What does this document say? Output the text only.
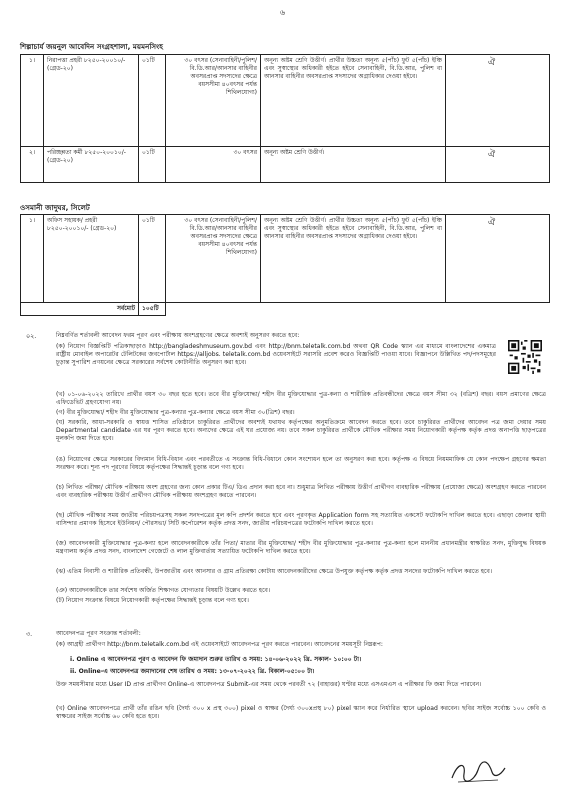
৬
শিল্পাচার্য জয়নুল আবেদিন সংগ্রহশালা, ময়মনসিংহ
১।	নিরাপত্তা প্রহরী ৮২৫০-২০০১০/- (গ্রেড-২০)	০১টি	৩০ বৎসর (সেনাবাহিনী/পুলিশ/ বি.ডি.আর/আনসার বাহিনীর অবসরপ্রাপ্ত সদস্যদের ক্ষেত্রে বয়সসীমা ৪০বৎসর পর্যন্ত শিথিলযোগ্য)	অনূন্য অষ্টম শ্রেণি উত্তীর্ণ। প্রার্থীর উচ্চতা অনূন্য ৫(পাঁচ) ফুট ৫(পাঁচ) ইঞ্চি এবং সুস্বাস্থ্যের অধিকারী হইতে হইবে সেনাবাহিনী, বি.ডি.আর, পুলিশ বা আনসার বাহিনীর অবসরপ্রাপ্ত সদস্যদের অগ্রাধিকার দেওয়া হইবে।	ঐ
২।	পরিচ্ছন্নতা কর্মী ৮২৫০-২০০১০/- (গ্রেড-২০)	০১টি	৩০ বৎসর	অনূন্য অষ্টম শ্রেণি উত্তীর্ণ।	ঐ
ওসমানী জাদুঘর, সিলেট
১।	অফিস সহায়ক/ প্রহরী ৮২৫০-২০০১০/- (গ্রেড-২০)	০১টি	৩০ বৎসর (সেনাবাহিনী/পুলিশ/ বি.ডি.আর/আনসার বাহিনীর অবসরপ্রাপ্ত সদস্যদের ক্ষেত্রে বয়সসীমা ৪০বৎসর পর্যন্ত শিথিলযোগ্য)	অনূন্য অষ্টম শ্রেণি উত্তীর্ণ। প্রার্থীর উচ্চতা অনূন্য ৫(পাঁচ) ফুট ৫(পাঁচ) ইঞ্চি এবং সুস্বাস্থ্যের অধিকারী হইতে হইবে সেনাবাহিনী, বি.ডি.আর, পুলিশ বা আনসার বাহিনীর অবসরপ্রাপ্ত সদস্যদের অগ্রাধিকার দেওয়া হইবে।	ঐ
সর্বমোট		১০৫টি			
০২.	নিম্নবর্ণিত শর্তাবলী আবেদন ফরম পূরণ এবং পরীক্ষায় অংশগ্রহণের ক্ষেত্রে অবশ্যই অনুসরণ করতে হবে:
(ক) নিয়োগ বিজ্ঞপ্তিটি পত্রিকাছাড়াও http://bangladeshmuseum.gov.bd এবং http://bnm.teletalk.com.bd অথবা QR Code স্ক্যান এর মাধ্যমে বাংলাদেশের একমাত্র রাষ্ট্রীয় মোবাইল অপারেটর টেলিটকের জবপোর্টাল https://alljobs. teletalk.com.bd ওয়েবসাইটে সরাসরি প্রবেশ করেও বিজ্ঞপ্তিটি পাওয়া যাবে। বিজ্ঞাপনে উল্লিখিত পদ/পদসমূহের চূড়ান্ত সুপারিশ প্রণয়নের ক্ষেত্রে সরকারের সর্বশেষ কোটানীতি অনুসরণ করা হবে।
(খ) ০১-০৬-২০২২ তারিখে প্রার্থীর বয়স ৩০ বছর হতে হবে। তবে বীর মুক্তিযোদ্ধা/ শহীদ বীর মুক্তিযোদ্ধার পুত্র-কন্যা ও শারীরিক প্রতিবন্ধীদের ক্ষেত্রে বয়স সীমা ৩২ (বত্রিশ) বছর। বয়স প্রমাণের ক্ষেত্রে এফিডেভিট গ্রহণযোগ্য নয়।
(গ) বীর মুক্তিযোদ্ধা/ শহীদ বীর মুক্তিযোদ্ধার পুত্র-কন্যার পুত্র-কন্যার ক্ষেত্রে বয়স সীমা ৩০(ত্রিশ) বছর।
(ঘ) সরকারি, আধা-সরকারি ও স্বায়ত্ত শাসিত প্রতিষ্ঠানে চাকুরিরত প্রার্থীদের অবশ্যই যথাযথ কর্তৃপক্ষের অনুমতিক্রমে আবেদন করতে হবে। তবে চাকুরিরত প্রার্থীদের আবেদন পত্র জমা দেয়ার সময় Departmental candidate এর ঘর পূরণ করতে হবে। অন্যদের ক্ষেত্রে এই ঘর প্রযোজ্য নয়। তবে সকল চাকুরিরত প্রার্থীকে মৌখিক পরীক্ষার সময় নিয়োগকারী কর্তৃপক্ষ কর্তৃক প্রদত্ত অনাপত্তি ছাড়পত্রের মূলকপি জমা দিতে হবে।
(ঙ) নিয়োগের ক্ষেত্রে সরকারের বিদ্যমান বিধি-বিধান এবং পরবর্তীতে এ সংক্রান্ত বিধি-বিধানে কোন সংশোধন হলে তা অনুসরণ করা হবে। কর্তৃপক্ষ এ বিষয়ে নিয়মমাফিক যে কোন পদক্ষেপ গ্রহণের ক্ষমতা সংরক্ষণ করে। শূন্য পদ পূরণের বিষয়ে কর্তৃপক্ষের সিদ্ধান্তই চূড়ান্ত বলে গণ্য হবে।
(চ) লিখিত পরীক্ষা/ মৌখিক পরীক্ষায় অংশ গ্রহণের জন্য কোন প্রকার টিএ/ ডিএ প্রদান করা হবে না। শুধুমাত্র লিখিত পরীক্ষায় উত্তীর্ণ প্রার্থীগণ ব্যবহারিক পরীক্ষায় (প্রযোজ্য ক্ষেত্রে) অংশগ্রহণ করতে পারবেন এবং ব্যবহারিক পরীক্ষায় উত্তীর্ণ প্রার্থীগণ মৌখিক পরীক্ষায় অংশগ্রহণ করতে পারবেন।
(ছ) মৌখিক পরীক্ষার সময় জাতীয় পরিচয়পত্রসহ সকল সনদপত্রের মূল কপি প্রদর্শন করতে হবে এবং পূরণকৃত Application form সহ সত্যায়িত একসেট ফটোকপি দাখিল করতে হবে। এছাড়া জেলার স্থায়ী বাসিন্দার প্রমাণক হিসেবে ইউনিয়ন/ পৌরসভা/ সিটি কর্পোরেশন কর্তৃক প্রদত্ত সনদ, জাতীয় পরিচয়পত্রের ফটোকপি দাখিল করতে হবে।
(জ) আবেদনকারী মুক্তিযোদ্ধার পুত্র-কন্যা হলে আবেদনকারীকে তাঁর পিতা/ মাতার বীর মুক্তিযোদ্ধা/ শহীদ বীর মুক্তিযোদ্ধার পুত্র-কন্যার পুত্র-কন্যা হলে মাননীয় প্রধানমন্ত্রীর স্বাক্ষরিত সনদ, মুক্তিযুদ্ধ বিষয়ক মন্ত্রণালয় কর্তৃক প্রদত্ত সনদ, বাংলাদেশ গেজেটে ও লাল মুক্তিবার্তায় সত্যায়িত ফটোকপি দাখিল করতে হবে।
(ঝ) এতিম নিবাসী ও শারীরিক প্রতিবন্ধী, উপজাতীয় এবং আনসার ও গ্রাম প্রতিরক্ষা কোটায় আবেদনকারীদের ক্ষেত্রে উপযুক্ত কর্তৃপক্ষ কর্তৃক প্রদত্ত সনদের ফটোকপি দাখিল করতে হবে।
(ঞ) আবেদনকারীকে তার সর্বশেষ অর্জিত শিক্ষাগত যোগ্যতার বিষয়টি উল্লেখ করতে হবে।
(ট) নিয়োগ সংক্রান্ত বিষয়ে নিয়োগকারী কর্তৃপক্ষের সিদ্ধান্তই চূড়ান্ত বলে গণ্য হবে।
৩.	আবেদনপত্র পূরণ সংক্রান্ত শর্তাবলী:
(ক) আগ্রহী প্রার্থীগণ http://bnm.teletalk.com.bd এই ওয়েবসাইটে আবেদনপত্র পূরণ করতে পারবেন। আবেদনের সময়সূচী নিম্নরূপ:
i. Online এ আবেদনপত্র পূরণ ও আবেদন ফি জমাদান শুরুর তারিখ ও সময়: ১৪-০৬-২০২২ খ্রি. সকাল- ১০:০০ টা।
ii. Online-এ আবেদনপত্র জমাদানের শেষ তারিখ ও সময়: ১৩-০৭-২০২২ খ্রি. বিকাল-০৫:০০ টা।
উক্ত সময়সীমার মধ্যে User ID প্রাপ্ত প্রার্থীগণ Online-এ আবেদনপত্র Submit-এর সময় থেকে পরবর্তী ৭২ (বাহাত্তর) ঘণ্টার মধ্যে এসএমএস এ পরীক্ষার ফি জমা দিতে পারবেন।
(খ) Online আবেদনপত্রে প্রার্থী তাঁর রঙিন ছবি (দৈর্ঘ্য ৩০০ x প্রস্থ ৩০০) pixel ও স্বাক্ষর (দৈর্ঘ্য ৩০০xপ্রস্থ ৮০) pixel স্ক্যান করে নির্ধারিত স্থানে upload করবেন। ছবির সাইজ সর্বোচ্চ ১০০ কেবি ও স্বাক্ষরের সাইজ সর্বোচ্চ ৬০ কেবি হতে হবে।
